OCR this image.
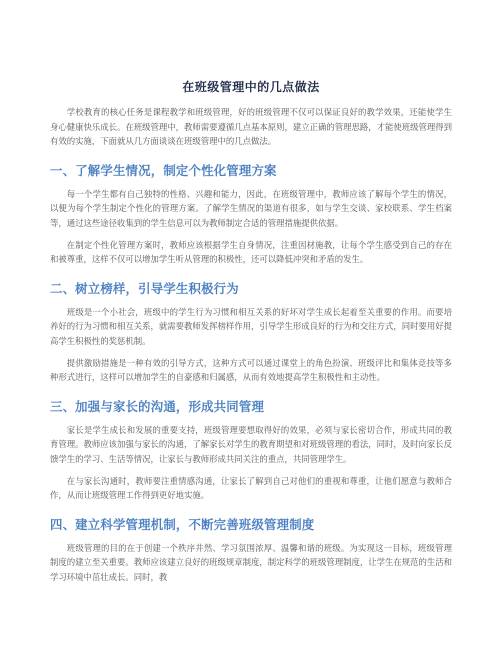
在班级管理中的几点做法

学校教育的核心任务是课程教学和班级管理，好的班级管理不仅可以保证良好的教学效果，还能使学生身心健康快乐成长。在班级管理中，教师需要遵循几点基本原则，建立正确的管理思路，才能使班级管理得到有效的实施，下面就从几方面谈谈在班级管理中的几点做法。

一、了解学生情况，制定个性化管理方案

每一个学生都有自己独特的性格、兴趣和能力，因此，在班级管理中，教师应该了解每个学生的情况，以便为每个学生制定个性化的管理方案。了解学生情况的渠道有很多，如与学生交谈、家校联系、学生档案等，通过这些途径收集到的学生信息可以为教师制定合适的管理措施提供依据。

在制定个性化管理方案时，教师应该根据学生自身情况，注重因材施教，让每个学生感受到自己的存在和被尊重，这样不仅可以增加学生听从管理的积极性，还可以降低冲突和矛盾的发生。

二、树立榜样，引导学生积极行为

班级是一个小社会，班级中的学生行为习惯和相互关系的好坏对学生成长起着至关重要的作用。而要培养好的行为习惯和相互关系，就需要教师发挥榜样作用，引导学生形成良好的行为和交往方式，同时要用好提高学生积极性的奖惩机制。

提供激励措施是一种有效的引导方式，这种方式可以通过课堂上的角色扮演、班级评比和集体竞技等多种形式进行，这样可以增加学生的自豪感和归属感，从而有效地提高学生积极性和主动性。

三、加强与家长的沟通，形成共同管理

家长是学生成长和发展的重要支持，班级管理要想取得好的效果，必须与家长密切合作，形成共同的教育管理。教师应该加强与家长的沟通，了解家长对学生的教育期望和对班级管理的看法，同时，及时向家长反馈学生的学习、生活等情况，让家长与教师形成共同关注的重点，共同管理学生。

在与家长沟通时，教师要注重情感沟通，让家长了解到自己对他们的重视和尊重，让他们愿意与教师合作，从而让班级管理工作得到更好地实施。

四、建立科学管理机制，不断完善班级管理制度

班级管理的目的在于创建一个秩序井然、学习氛围浓厚、温馨和谐的班级。为实现这一目标，班级管理制度的建立至关重要。教师应该建立良好的班级规章制度，制定科学的班级管理制度，让学生在规范的生活和学习环境中茁壮成长。同时，教
